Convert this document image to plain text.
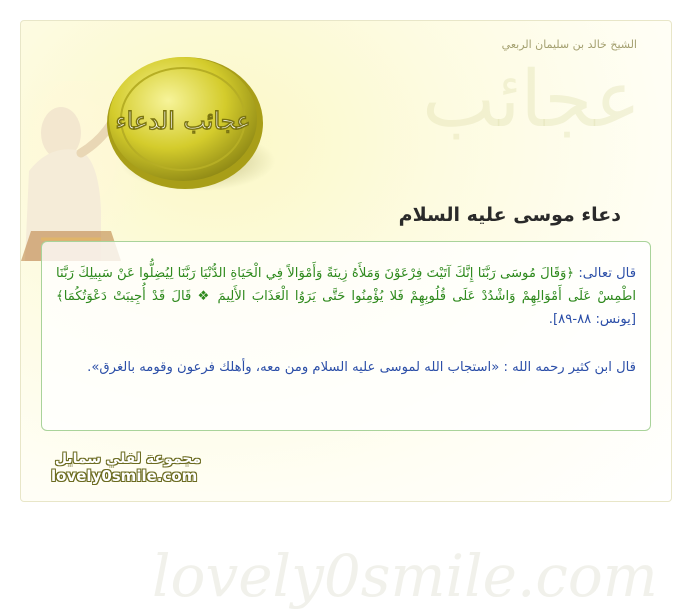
عجائب
الشيخ خالد بن سليمان الربعي
عجائب الدعاء
دعاء موسى عليه السلام
lovely0smile.com
قال تعالى: ﴿وَقَالَ مُوسَى رَبَّنَا إِنَّكَ آتَيْتَ فِرْعَوْنَ وَمَلأَهُ زِينَةً وَأَمْوَالاً فِي الْحَيَاةِ الدُّنْيَا رَبَّنَا لِيُضِلُّوا عَنْ سَبِيلِكَ رَبَّنَا اطْمِسْ عَلَى أَمْوَالِهِمْ وَاشْدُدْ عَلَى قُلُوبِهِمْ فَلا يُؤْمِنُوا حَتَّى يَرَوُا الْعَذَابَ الأَلِيمَ ❖ قَالَ قَدْ أُجِيبَتْ دَعْوَتُكُمَا﴾ [يونس: ٨٨-٨٩].
قال ابن كثير رحمه الله : «استجاب الله لموسى عليه السلام ومن معه، وأهلك فرعون وقومه بالغرق».
مجموعة لفلي سمايل
lovely0smile.com
